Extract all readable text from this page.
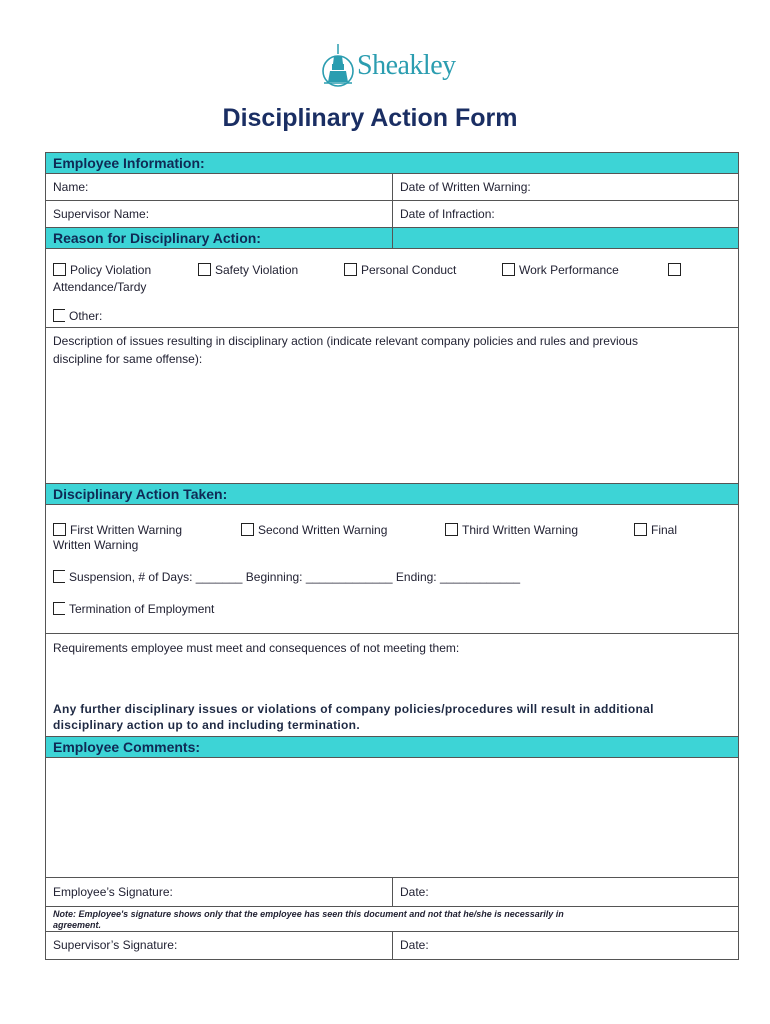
Sheakley
Disciplinary Action Form
Employee Information:
Name:	Date of Written Warning:
Supervisor Name:	Date of Infraction:
Reason for Disciplinary Action:
Policy Violation	Safety Violation	Personal Conduct	Work Performance
Attendance/Tardy
Other:
Description of issues resulting in disciplinary action (indicate relevant company policies and rules and previous
discipline for same offense):
Disciplinary Action Taken:
First Written Warning	Second Written Warning	Third Written Warning	Final
Written Warning
Suspension, # of Days: _______ Beginning: _____________ Ending: ____________
Termination of Employment
Requirements employee must meet and consequences of not meeting them:
Any further disciplinary issues or violations of company policies/procedures will result in additional
disciplinary action up to and including termination.
Employee Comments:
Employee’s Signature:	Date:
Note: Employee's signature shows only that the employee has seen this document and not that he/she is necessarily in
agreement.
Supervisor’s Signature:	Date:
